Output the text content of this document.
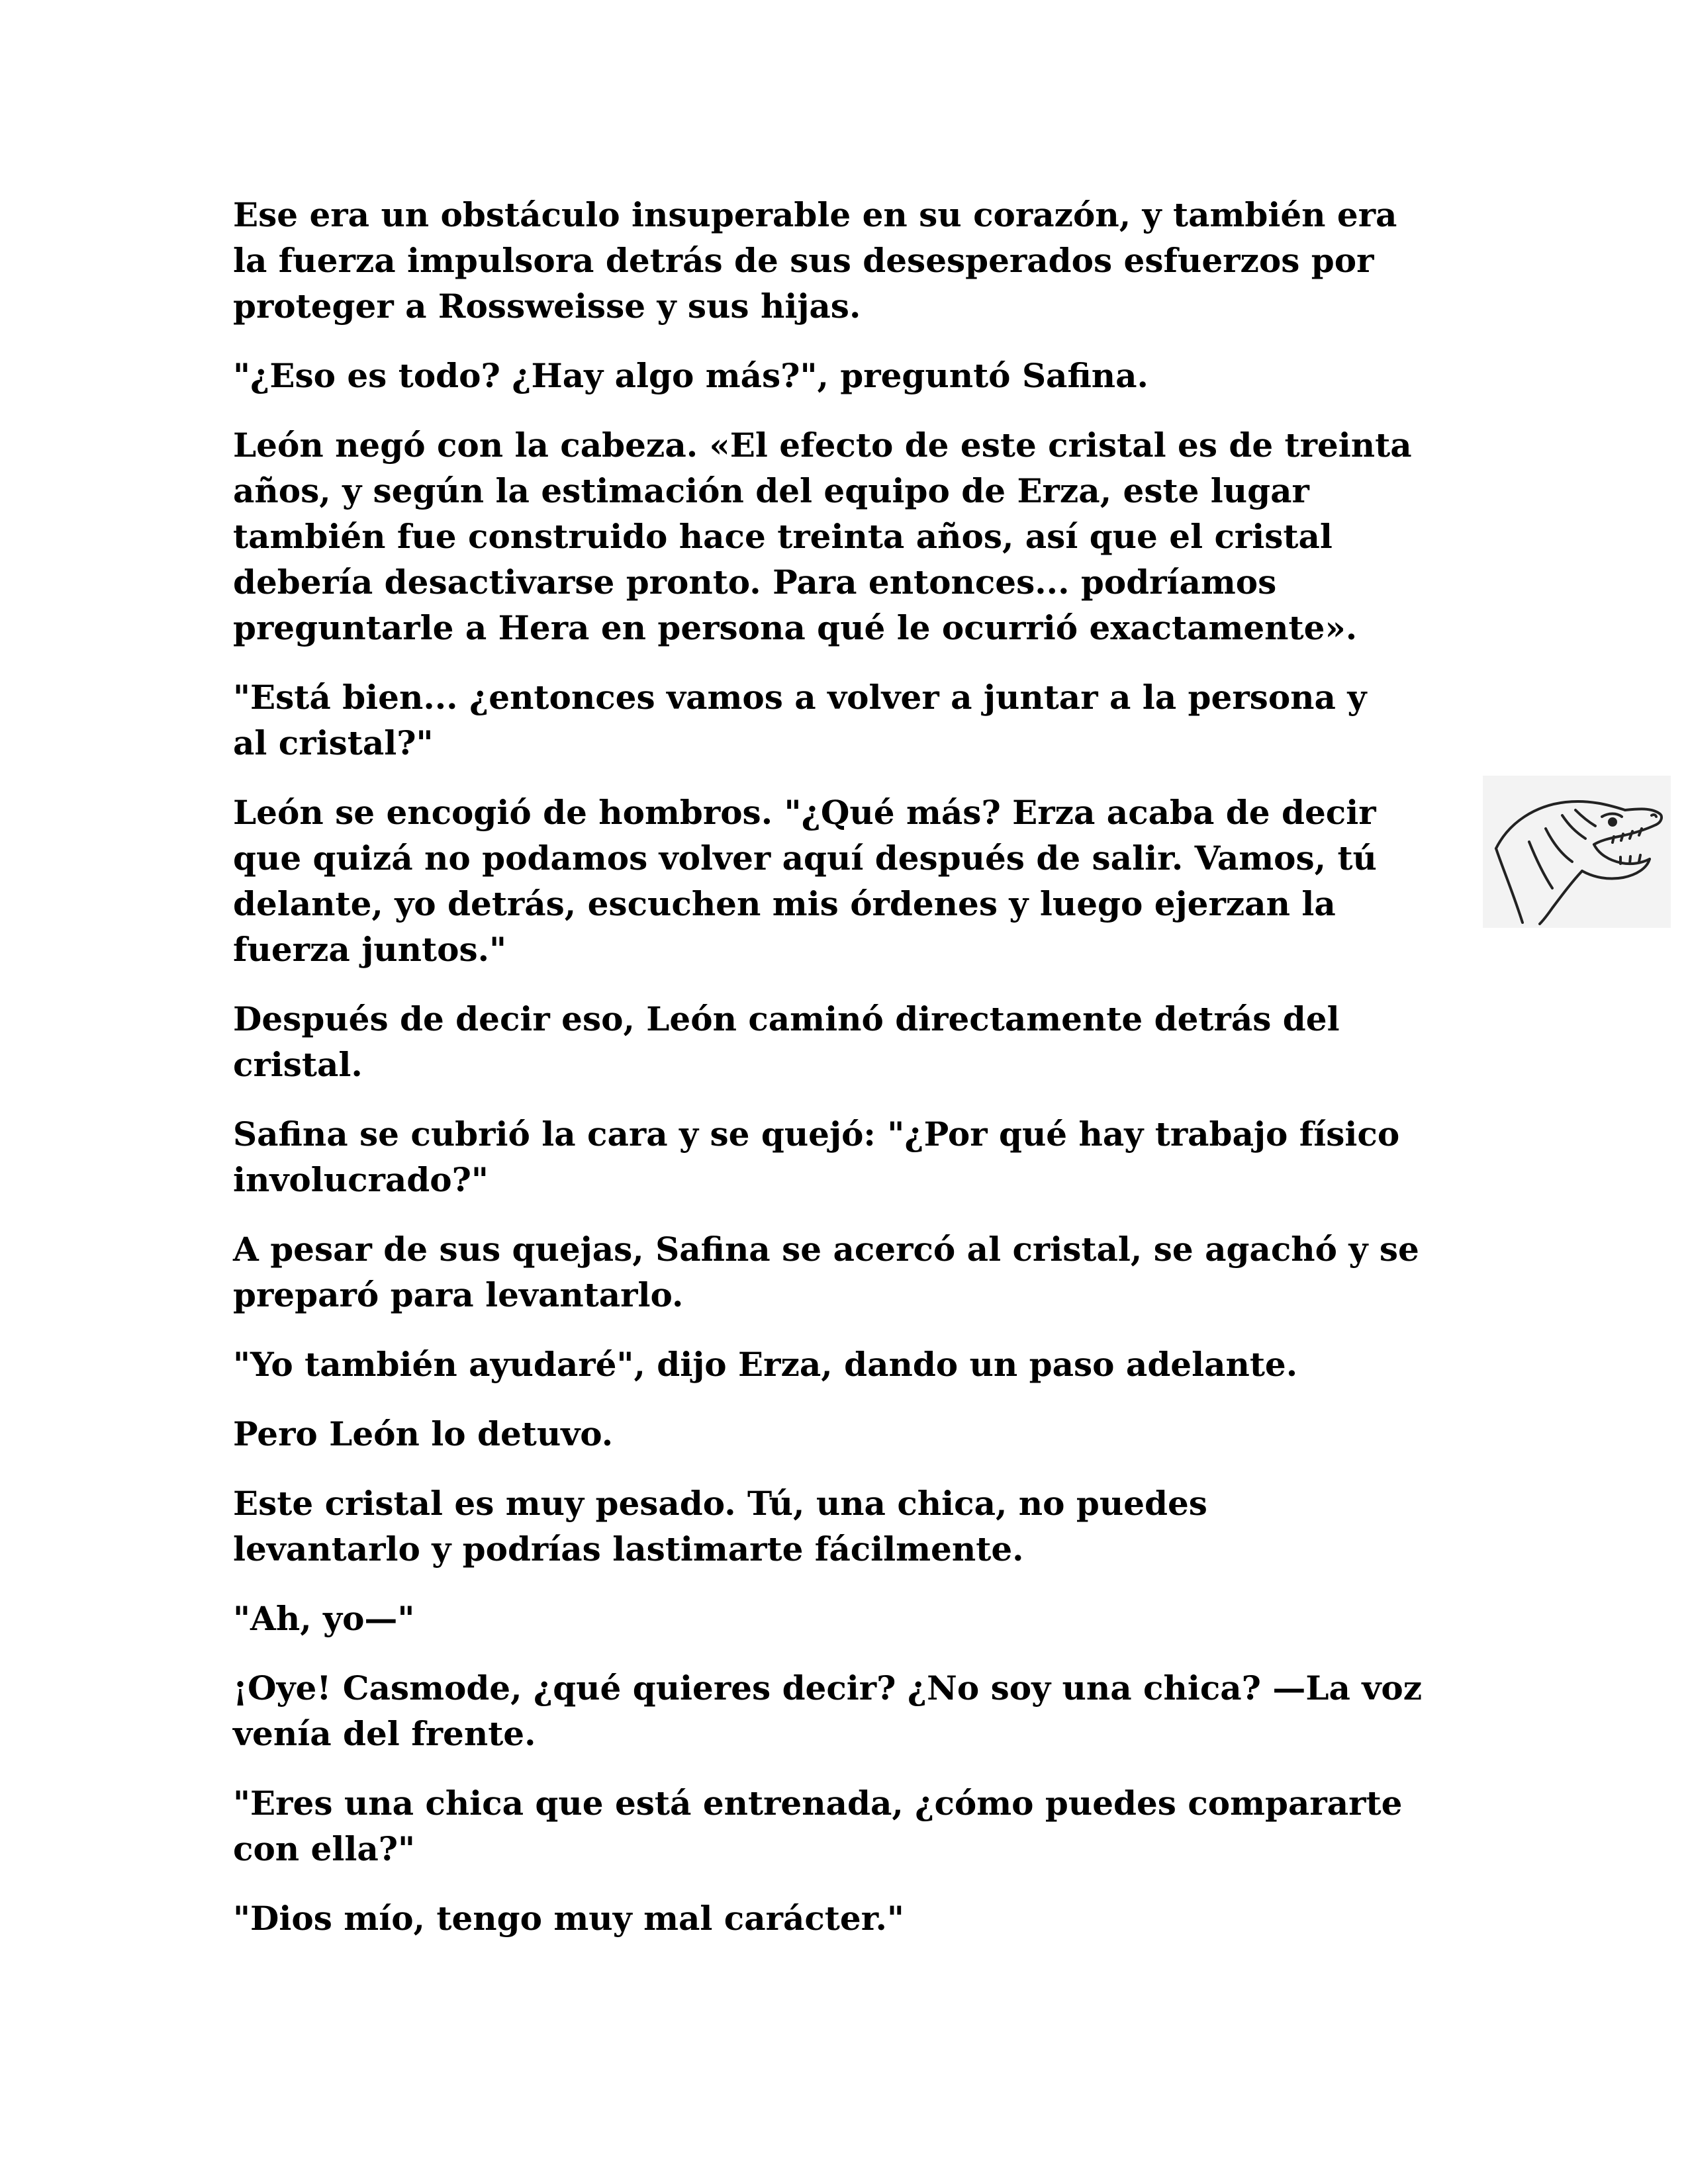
Ese era un obstáculo insuperable en su corazón, y también era
la fuerza impulsora detrás de sus desesperados esfuerzos por
proteger a Rossweisse y sus hijas.

"¿Eso es todo? ¿Hay algo más?", preguntó Safina.

León negó con la cabeza. «El efecto de este cristal es de treinta
años, y según la estimación del equipo de Erza, este lugar
también fue construido hace treinta años, así que el cristal
debería desactivarse pronto. Para entonces... podríamos
preguntarle a Hera en persona qué le ocurrió exactamente».

"Está bien... ¿entonces vamos a volver a juntar a la persona y
al cristal?"

León se encogió de hombros. "¿Qué más? Erza acaba de decir
que quizá no podamos volver aquí después de salir. Vamos, tú
delante, yo detrás, escuchen mis órdenes y luego ejerzan la
fuerza juntos."

Después de decir eso, León caminó directamente detrás del
cristal.

Safina se cubrió la cara y se quejó: "¿Por qué hay trabajo físico
involucrado?"

A pesar de sus quejas, Safina se acercó al cristal, se agachó y se
preparó para levantarlo.

"Yo también ayudaré", dijo Erza, dando un paso adelante.

Pero León lo detuvo.

Este cristal es muy pesado. Tú, una chica, no puedes
levantarlo y podrías lastimarte fácilmente.

"Ah, yo—"

¡Oye! Casmode, ¿qué quieres decir? ¿No soy una chica? —La voz
venía del frente.

"Eres una chica que está entrenada, ¿cómo puedes compararte
con ella?"

"Dios mío, tengo muy mal carácter."
